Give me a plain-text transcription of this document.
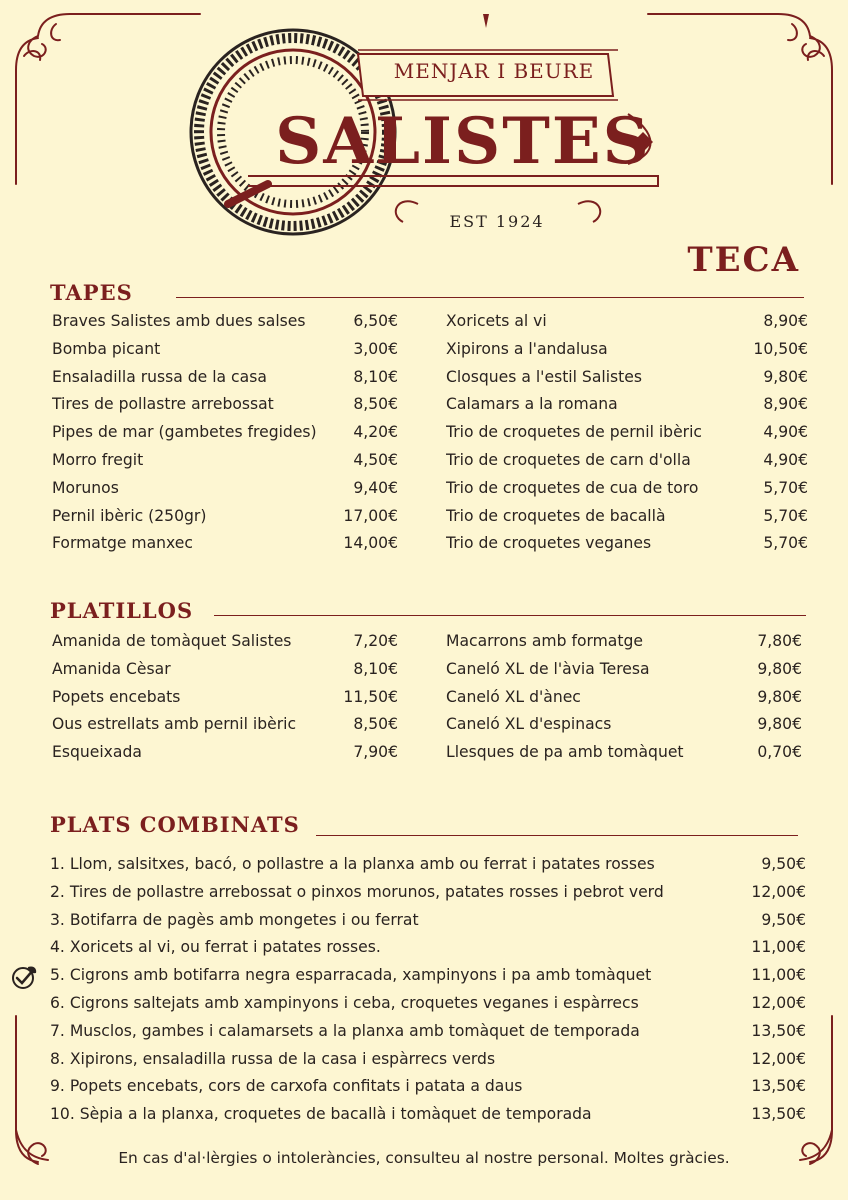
MENJAR I BEURE
SALISTES
EST 1924
TECA
TAPES
Braves Salistes amb dues salses	6,50€
Bomba picant	3,00€
Ensaladilla russa de la casa	8,10€
Tires de pollastre arrebossat	8,50€
Pipes de mar (gambetes fregides) 4,20€
Morro fregit	4,50€
Morunos	9,40€
Pernil ibèric (250gr)	17,00€
Formatge manxec	14,00€
Xoricets al vi	8,90€
Xipirons a l'andalusa	10,50€
Closques a l'estil Salistes	9,80€
Calamars a la romana	8,90€
Trio de croquetes de pernil ibèric	4,90€
Trio de croquetes de carn d'olla	4,90€
Trio de croquetes de cua de toro	5,70€
Trio de croquetes de bacallà	5,70€
Trio de croquetes veganes	5,70€
PLATILLOS
Amanida de tomàquet Salistes	7,20€
Amanida Cèsar	8,10€
Popets encebats	11,50€
Ous estrellats amb pernil ibèric	8,50€
Esqueixada	7,90€
Macarrons amb formatge	7,80€
Caneló XL de l'àvia Teresa	9,80€
Caneló XL d'ànec	9,80€
Caneló XL d'espinacs	9,80€
Llesques de pa amb tomàquet	0,70€
PLATS COMBINATS
1. Llom, salsitxes, bacó, o pollastre a la planxa amb ou ferrat i patates rosses	9,50€
2. Tires de pollastre arrebossat o pinxos morunos, patates rosses i pebrot verd	12,00€
3. Botifarra de pagès amb mongetes i ou ferrat	9,50€
4. Xoricets al vi, ou ferrat i patates rosses.	11,00€
5. Cigrons amb botifarra negra esparracada, xampinyons i pa amb tomàquet	11,00€
6. Cigrons saltejats amb xampinyons i ceba, croquetes veganes i espàrrecs	12,00€
7. Musclos, gambes i calamarsets a la planxa amb tomàquet de temporada	13,50€
8. Xipirons, ensaladilla russa de la casa i espàrrecs verds	12,00€
9. Popets encebats, cors de carxofa confitats i patata a daus	13,50€
10. Sèpia a la planxa, croquetes de bacallà i tomàquet de temporada	13,50€
En cas d'al·lèrgies o intoleràncies, consulteu al nostre personal. Moltes gràcies.
